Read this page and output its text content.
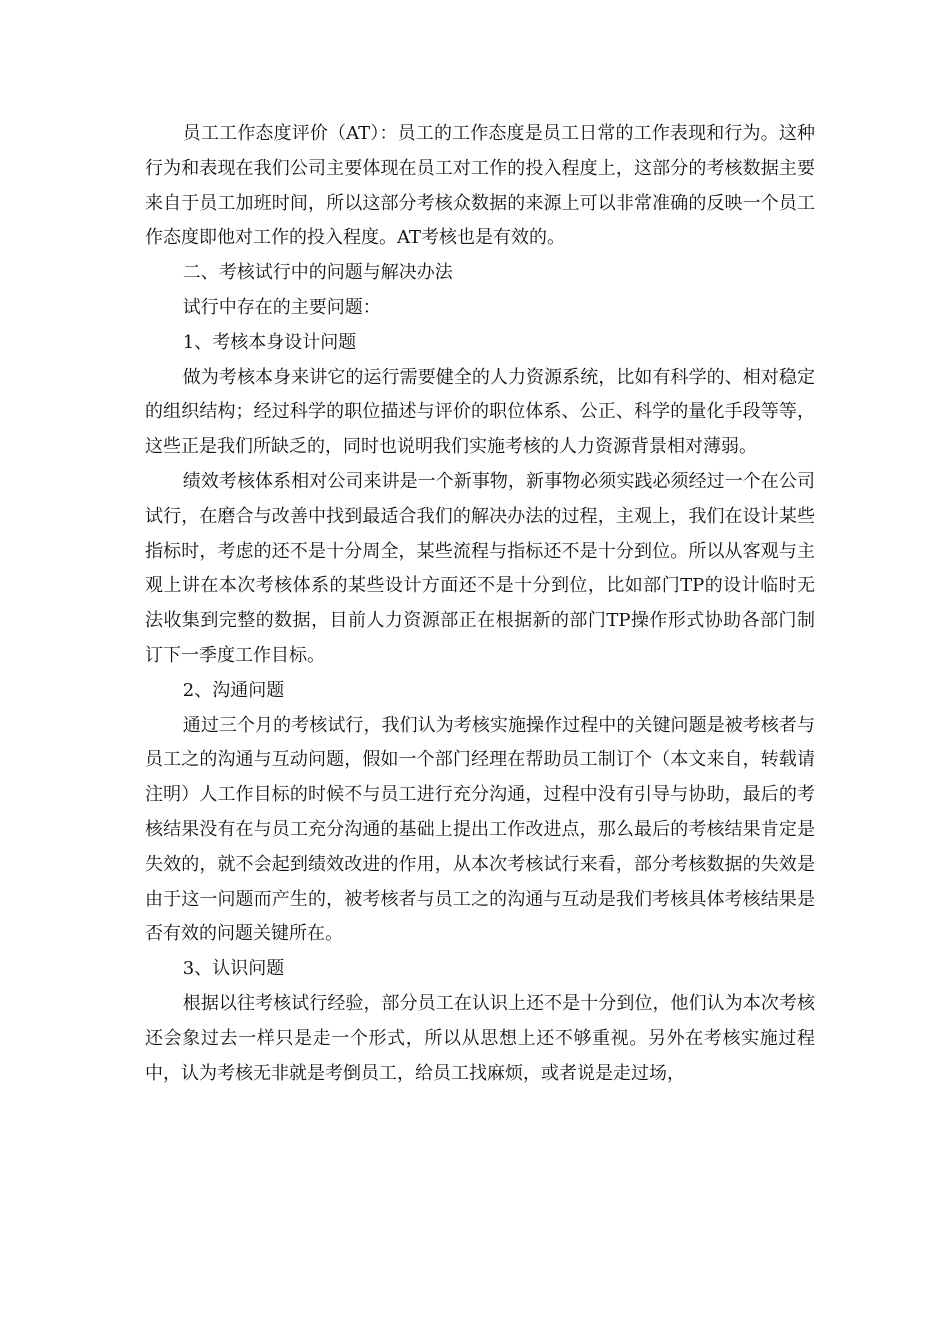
员工工作态度评价（AT）：员工的工作态度是员工日常的工作表现和行为。这种行为和表现在我们公司主要体现在员工对工作的投入程度上，这部分的考核数据主要来自于员工加班时间，所以这部分考核众数据的来源上可以非常准确的反映一个员工作态度即他对工作的投入程度。AT考核也是有效的。

二、考核试行中的问题与解决办法

试行中存在的主要问题：

1、考核本身设计问题

做为考核本身来讲它的运行需要健全的人力资源系统，比如有科学的、相对稳定的组织结构；经过科学的职位描述与评价的职位体系、公正、科学的量化手段等等，这些正是我们所缺乏的，同时也说明我们实施考核的人力资源背景相对薄弱。

绩效考核体系相对公司来讲是一个新事物，新事物必须实践必须经过一个在公司试行，在磨合与改善中找到最适合我们的解决办法的过程，主观上，我们在设计某些指标时，考虑的还不是十分周全，某些流程与指标还不是十分到位。所以从客观与主观上讲在本次考核体系的某些设计方面还不是十分到位，比如部门TP的设计临时无法收集到完整的数据，目前人力资源部正在根据新的部门TP操作形式协助各部门制订下一季度工作目标。

2、沟通问题

通过三个月的考核试行，我们认为考核实施操作过程中的关键问题是被考核者与员工之的沟通与互动问题，假如一个部门经理在帮助员工制订个（本文来自，转载请注明）人工作目标的时候不与员工进行充分沟通，过程中没有引导与协助，最后的考核结果没有在与员工充分沟通的基础上提出工作改进点，那么最后的考核结果肯定是失效的，就不会起到绩效改进的作用，从本次考核试行来看，部分考核数据的失效是由于这一问题而产生的，被考核者与员工之的沟通与互动是我们考核具体考核结果是否有效的问题关键所在。

3、认识问题

根据以往考核试行经验，部分员工在认识上还不是十分到位，他们认为本次考核还会象过去一样只是走一个形式，所以从思想上还不够重视。另外在考核实施过程中，认为考核无非就是考倒员工，给员工找麻烦，或者说是走过场，
